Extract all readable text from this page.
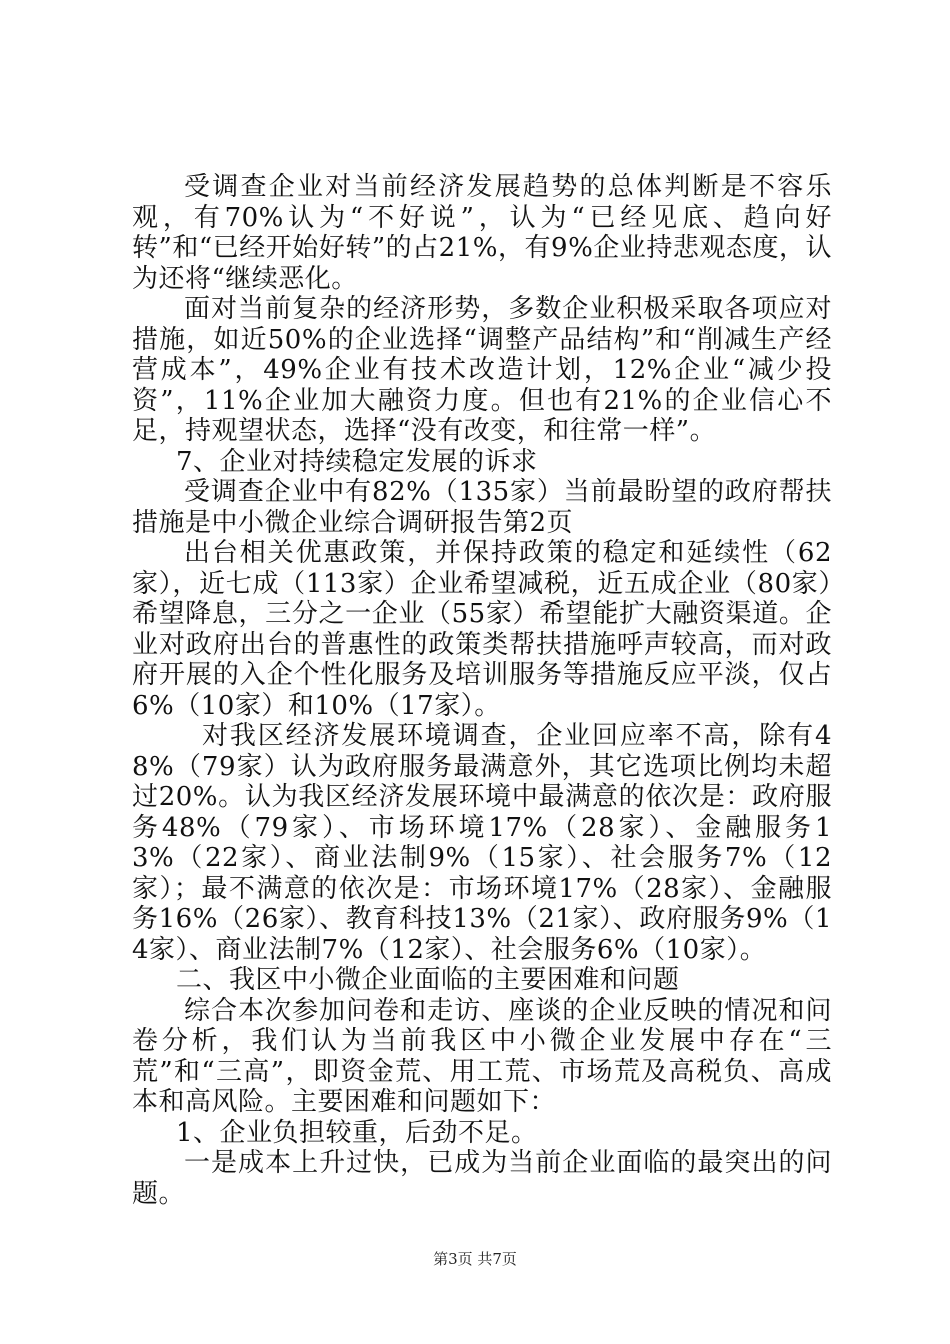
受调查企业对当前经济发展趋势的总体判断是不容乐观，有70%认为“不好说”，认为“已经见底、趋向好转”和“已经开始好转”的占21%，有9%企业持悲观态度，认为还将“继续恶化。

面对当前复杂的经济形势，多数企业积极采取各项应对措施，如近50%的企业选择“调整产品结构”和“削减生产经营成本”，49%企业有技术改造计划，12%企业“减少投资”，11%企业加大融资力度。但也有21%的企业信心不足，持观望状态，选择“没有改变，和往常一样”。

7、企业对持续稳定发展的诉求

受调查企业中有82%（135家）当前最盼望的政府帮扶措施是中小微企业综合调研报告第2页

出台相关优惠政策，并保持政策的稳定和延续性（62家），近七成（113家）企业希望减税，近五成企业（80家）希望降息，三分之一企业（55家）希望能扩大融资渠道。企业对政府出台的普惠性的政策类帮扶措施呼声较高，而对政府开展的入企个性化服务及培训服务等措施反应平淡，仅占6%（10家）和10%（17家）。

对我区经济发展环境调查，企业回应率不高，除有48%（79家）认为政府服务最满意外，其它选项比例均未超过20%。认为我区经济发展环境中最满意的依次是：政府服务48%（79家）、市场环境17%（28家）、金融服务13%（22家）、商业法制9%（15家）、社会服务7%（12家）；最不满意的依次是：市场环境17%（28家）、金融服务16%（26家）、教育科技13%（21家）、政府服务9%（14家）、商业法制7%（12家）、社会服务6%（10家）。

二、我区中小微企业面临的主要困难和问题

综合本次参加问卷和走访、座谈的企业反映的情况和问卷分析，我们认为当前我区中小微企业发展中存在“三荒”和“三高”，即资金荒、用工荒、市场荒及高税负、高成本和高风险。主要困难和问题如下：

1、企业负担较重，后劲不足。

一是成本上升过快，已成为当前企业面临的最突出的问题。

第3页 共7页
